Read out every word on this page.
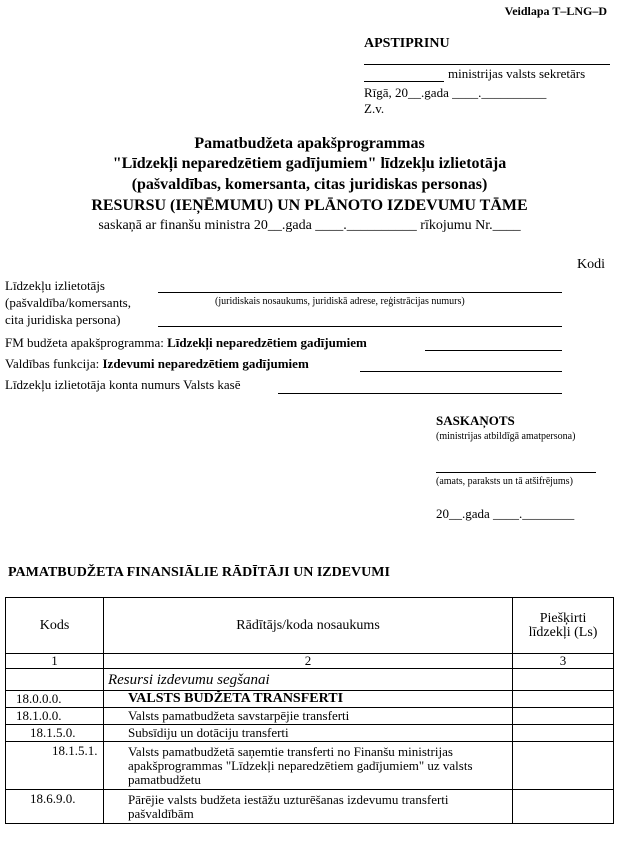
Veidlapa T–LNG–D
APSTIPRINU
ministrijas valsts sekretārs
Rīgā, 20__.gada ____.__________
Z.v.
Pamatbudžeta apakšprogrammas
"Līdzekļi neparedzētiem gadījumiem" līdzekļu izlietotāja
(pašvaldības, komersanta, citas juridiskas personas)
RESURSU (IEŅĒMUMU) UN PLĀNOTO IZDEVUMU TĀME
saskaņā ar finanšu ministra 20__.gada ____.__________ rīkojumu Nr.____
Kodi
Līdzekļu izlietotājs
(pašvaldība/komersants,
cita juridiska persona)
(juridiskais nosaukums, juridiskā adrese, reģistrācijas numurs)
FM budžeta apakšprogramma: Līdzekļi neparedzētiem gadījumiem
Valdības funkcija: Izdevumi neparedzētiem gadījumiem
Līdzekļu izlietotāja konta numurs Valsts kasē
SASKAŅOTS
(ministrijas atbildīgā amatpersona)
(amats, paraksts un tā atšifrējums)
20__.gada ____.________
PAMATBUDŽETA FINANSIĀLIE RĀDĪTĀJI UN IZDEVUMI
Kods	Rādītājs/koda nosaukums	Piešķirti līdzekļi (Ls)
1	2	3
	Resursi izdevumu segšanai	
18.0.0.0.	VALSTS BUDŽETA TRANSFERTI	
18.1.0.0.	Valsts pamatbudžeta savstarpējie transferti	
18.1.5.0.	Subsīdiju un dotāciju transferti	
18.1.5.1.	Valsts pamatbudžetā saņemtie transferti no Finanšu ministrijas apakšprogrammas "Līdzekļi neparedzētiem gadījumiem" uz valsts pamatbudžetu	
18.6.9.0.	Pārējie valsts budžeta iestāžu uzturēšanas izdevumu transferti pašvaldībām	
